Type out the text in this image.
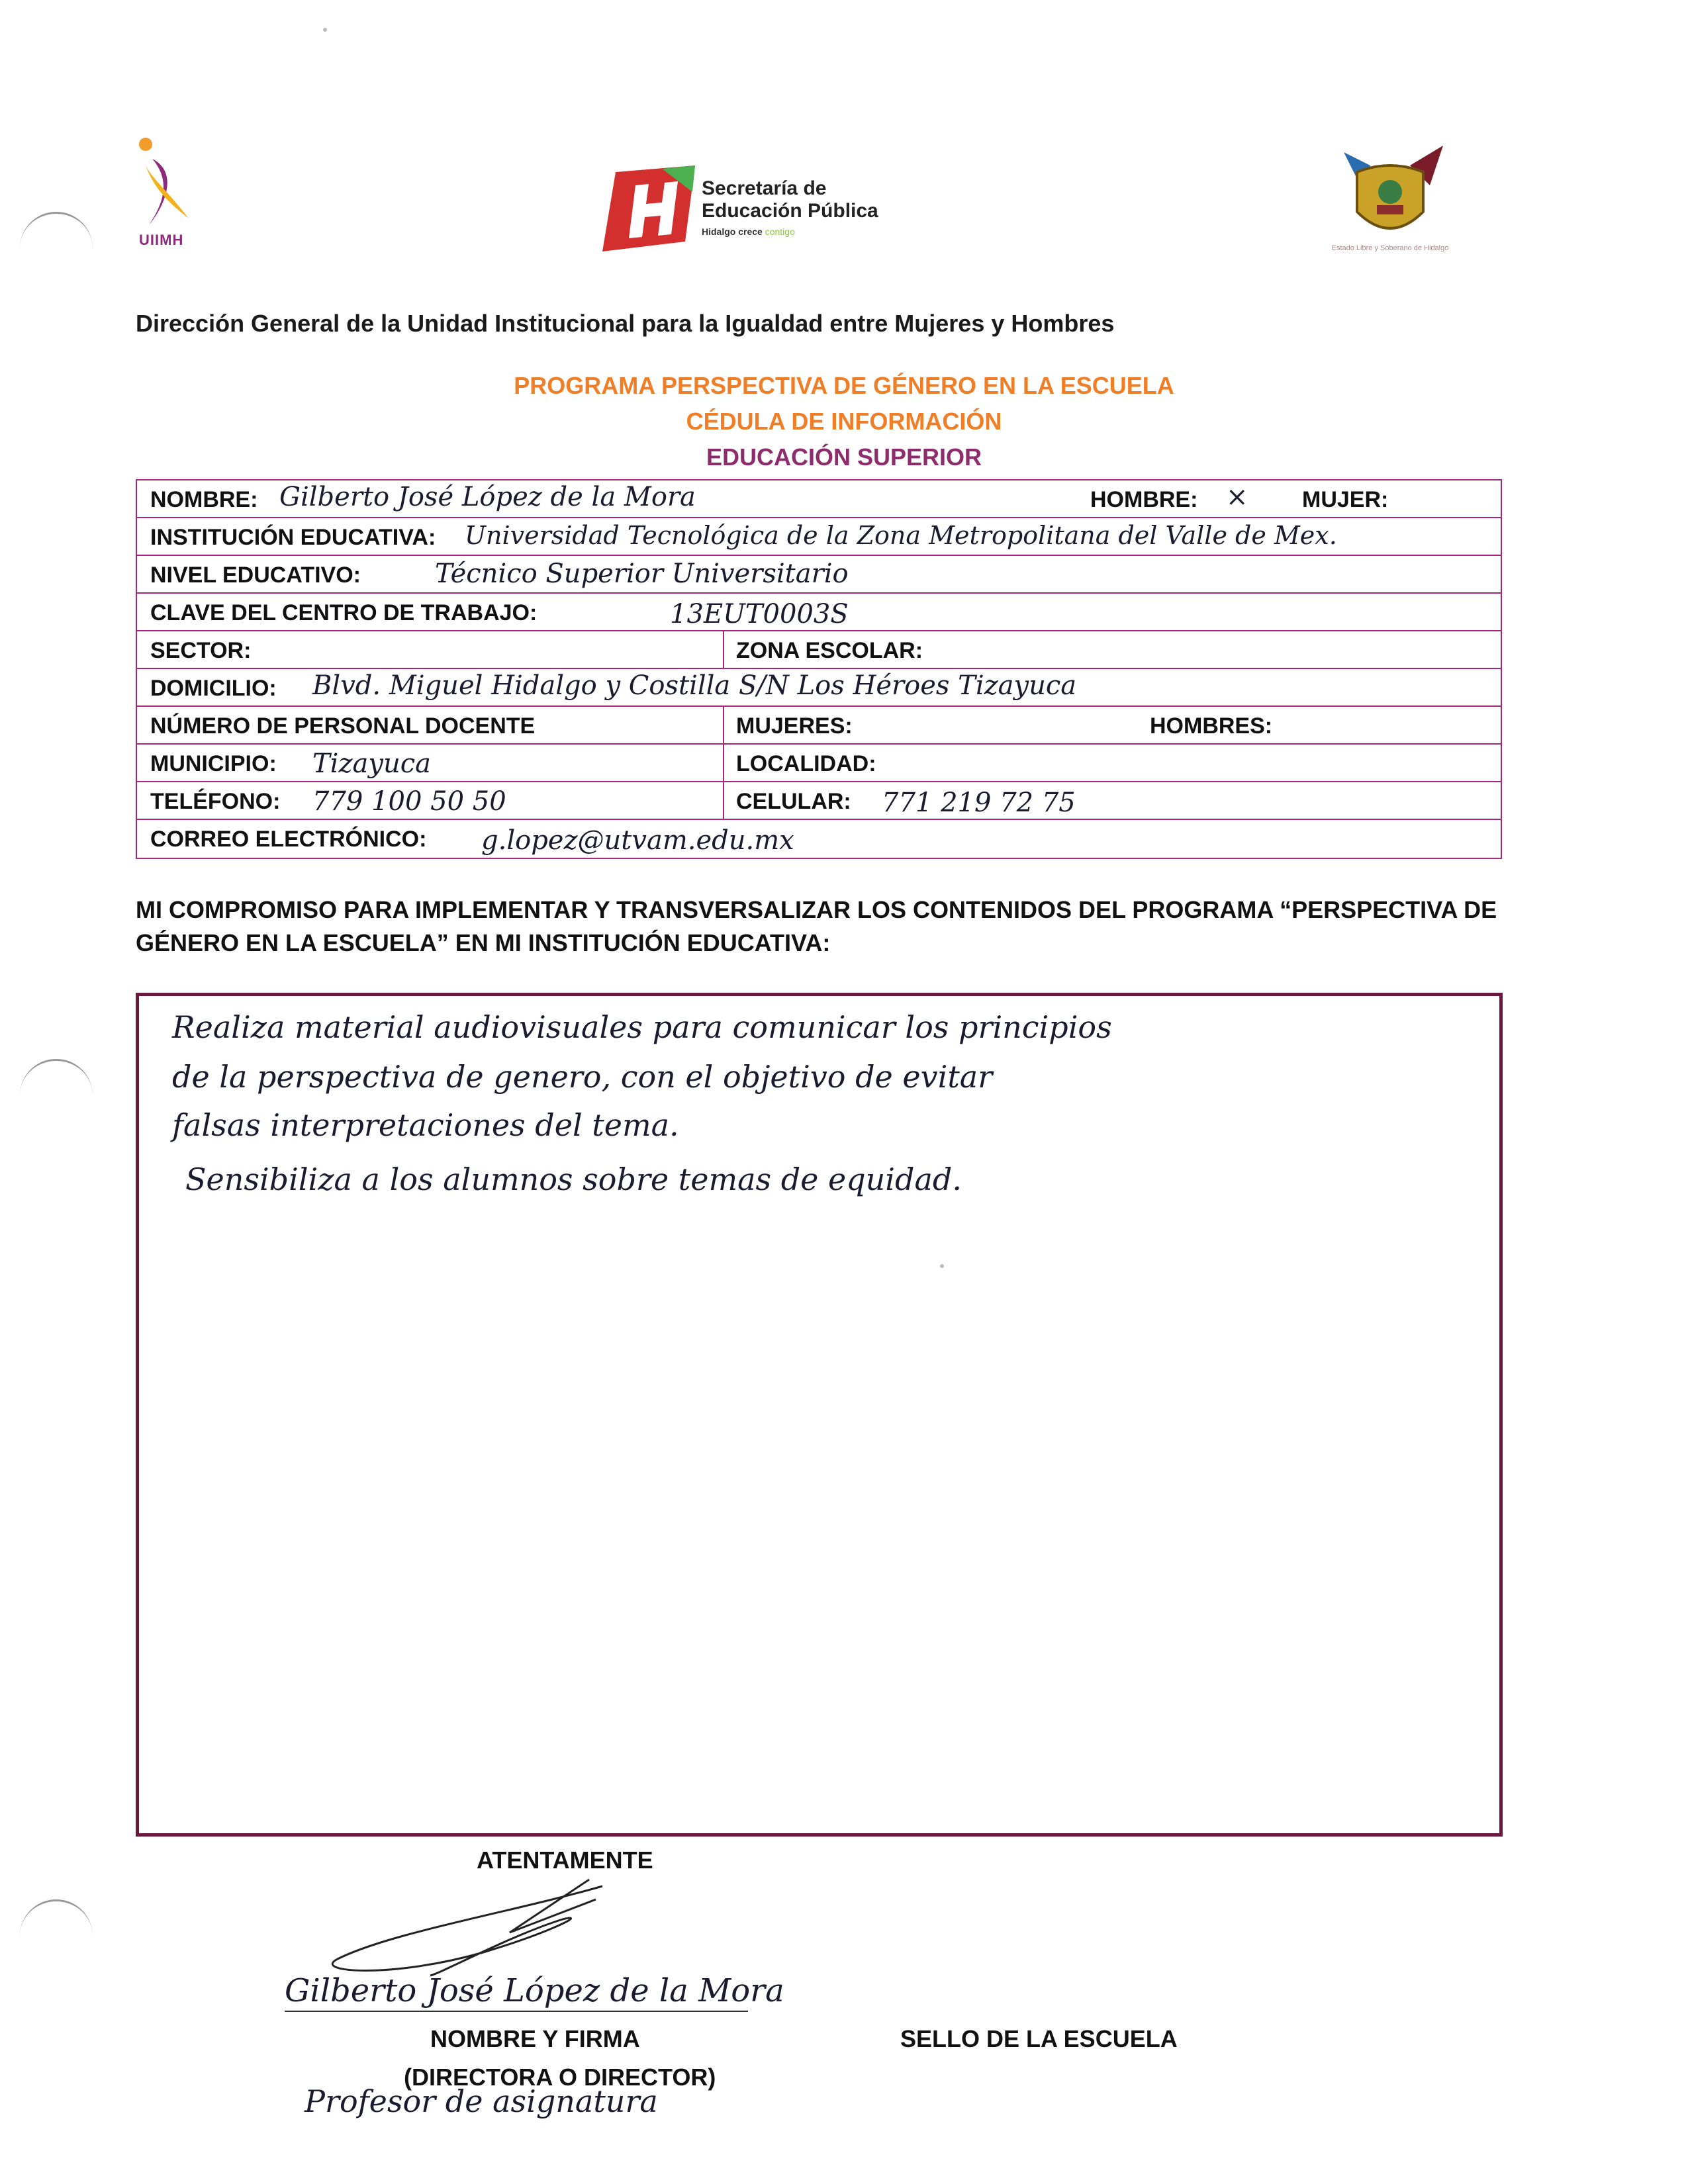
UIIMH
Secretaría de
Educación Pública
Hidalgo crece contigo
Estado Libre y Soberano de Hidalgo
Dirección General de la Unidad Institucional para la Igualdad entre Mujeres y Hombres
PROGRAMA PERSPECTIVA DE GÉNERO EN LA ESCUELA
CÉDULA DE INFORMACIÓN
EDUCACIÓN SUPERIOR
NOMBRE: Gilberto José López de la Mora	HOMBRE: × MUJER:
INSTITUCIÓN EDUCATIVA: Universidad Tecnológica de la Zona Metropolitana del Valle de Mex.
NIVEL EDUCATIVO:	Técnico Superior Universitario
CLAVE DEL CENTRO DE TRABAJO:	13EUT0003S
SECTOR:	ZONA ESCOLAR:
DOMICILIO: Blvd. Miguel Hidalgo y Costilla S/N Los Héroes Tizayuca
NÚMERO DE PERSONAL DOCENTE	MUJERES:	HOMBRES:
MUNICIPIO: Tizayuca	LOCALIDAD:
TELÉFONO: 779 100 50 50	CELULAR: 771 219 72 75
CORREO ELECTRÓNICO: g.lopez@utvam.edu.mx
MI COMPROMISO PARA IMPLEMENTAR Y TRANSVERSALIZAR LOS CONTENIDOS DEL PROGRAMA “PERSPECTIVA DE GÉNERO EN LA ESCUELA” EN MI INSTITUCIÓN EDUCATIVA:
Realiza material audiovisuales para comunicar los principios
de la perspectiva de genero, con el objetivo de evitar
falsas interpretaciones del tema.
Sensibiliza a los alumnos sobre temas de equidad.
ATENTAMENTE
Gilberto José López de la Mora
NOMBRE Y FIRMA
(DIRECTORA O DIRECTOR)
Profesor de asignatura
SELLO DE LA ESCUELA
